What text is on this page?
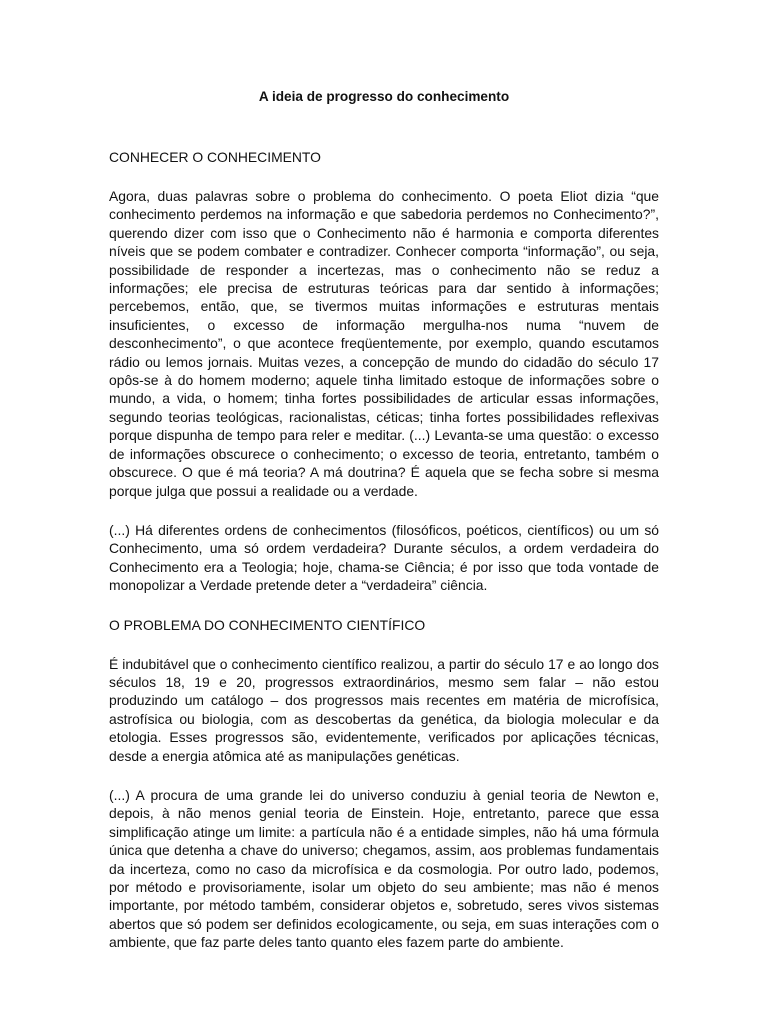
A ideia de progresso do conhecimento
CONHECER O CONHECIMENTO

Agora, duas palavras sobre o problema do conhecimento. O poeta Eliot dizia “que conhecimento perdemos na informação e que sabedoria perdemos no Conhecimento?”, querendo dizer com isso que o Conhecimento não é harmonia e comporta diferentes níveis que se podem combater e contradizer. Conhecer comporta “informação”, ou seja, possibilidade de responder a incertezas, mas o conhecimento não se reduz a informações; ele precisa de estruturas teóricas para dar sentido à informações; percebemos, então, que, se tivermos muitas informações e estruturas mentais insuficientes, o excesso de informação mergulha-nos numa “nuvem de desconhecimento”, o que acontece freqüentemente, por exemplo, quando escutamos rádio ou lemos jornais. Muitas vezes, a concepção de mundo do cidadão do século 17 opôs-se à do homem moderno; aquele tinha limitado estoque de informações sobre o mundo, a vida, o homem; tinha fortes possibilidades de articular essas informações, segundo teorias teológicas, racionalistas, céticas; tinha fortes possibilidades reflexivas porque dispunha de tempo para reler e meditar. (...) Levanta-se uma questão: o excesso de informações obscurece o conhecimento; o excesso de teoria, entretanto, também o obscurece. O que é má teoria? A má doutrina? É aquela que se fecha sobre si mesma porque julga que possui a realidade ou a verdade.

(...) Há diferentes ordens de conhecimentos (filosóficos, poéticos, científicos) ou um só Conhecimento, uma só ordem verdadeira? Durante séculos, a ordem verdadeira do Conhecimento era a Teologia; hoje, chama-se Ciência; é por isso que toda vontade de monopolizar a Verdade pretende deter a “verdadeira” ciência.

O PROBLEMA DO CONHECIMENTO CIENTÍFICO

É indubitável que o conhecimento científico realizou, a partir do século 17 e ao longo dos séculos 18, 19 e 20, progressos extraordinários, mesmo sem falar – não estou produzindo um catálogo – dos progressos mais recentes em matéria de microfísica, astrofísica ou biologia, com as descobertas da genética, da biologia molecular e da etologia. Esses progressos são, evidentemente, verificados por aplicações técnicas, desde a energia atômica até as manipulações genéticas.

(...) A procura de uma grande lei do universo conduziu à genial teoria de Newton e, depois, à não menos genial teoria de Einstein. Hoje, entretanto, parece que essa simplificação atinge um limite: a partícula não é a entidade simples, não há uma fórmula única que detenha a chave do universo; chegamos, assim, aos problemas fundamentais da incerteza, como no caso da microfísica e da cosmologia. Por outro lado, podemos, por método e provisoriamente, isolar um objeto do seu ambiente; mas não é menos importante, por método também, considerar objetos e, sobretudo, seres vivos sistemas abertos que só podem ser definidos ecologicamente, ou seja, em suas interações com o ambiente, que faz parte deles tanto quanto eles fazem parte do ambiente.
